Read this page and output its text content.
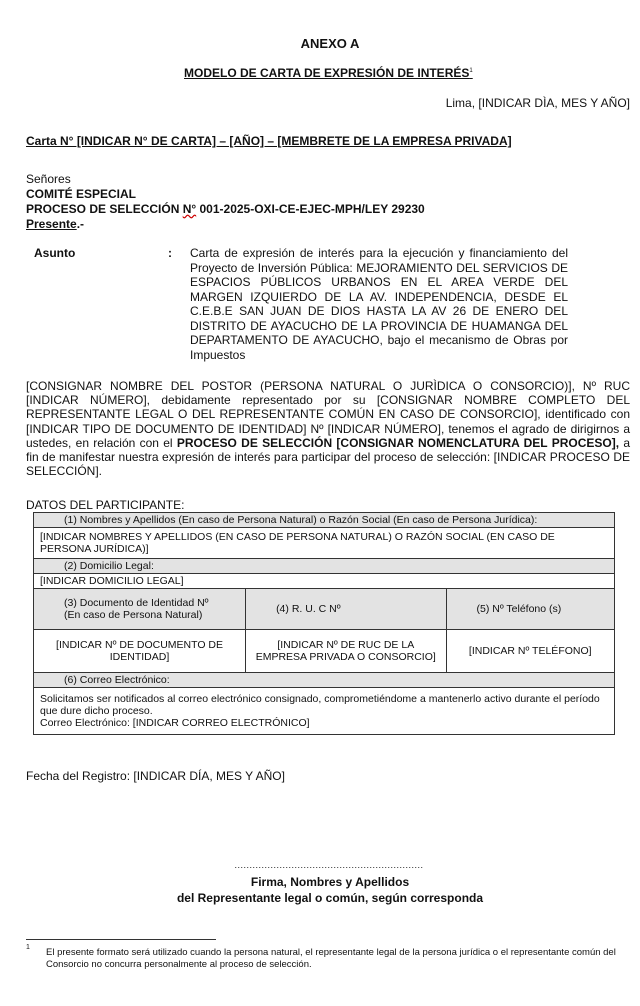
ANEXO A
MODELO DE CARTA DE EXPRESIÓN DE INTERÉS$^1$
Lima, [INDICAR DÌA, MES Y AÑO]
Carta N° [INDICAR N° DE CARTA] – [AÑO] – [MEMBRETE DE LA EMPRESA PRIVADA]
Señores
COMITÉ ESPECIAL
PROCESO DE SELECCIÓN N° 001-2025-OXI-CE-EJEC-MPH/LEY 29230
Presente.-
Asunto	: Carta de expresión de interés para la ejecución y financiamiento del Proyecto de Inversión Pública: MEJORAMIENTO DEL SERVICIOS DE ESPACIOS PÚBLICOS URBANOS EN EL AREA VERDE DEL MARGEN IZQUIERDO DE LA AV. INDEPENDENCIA, DESDE EL C.E.B.E SAN JUAN DE DIOS HASTA LA AV 26 DE ENERO DEL DISTRITO DE AYACUCHO DE LA PROVINCIA DE HUAMANGA DEL DEPARTAMENTO DE AYACUCHO, bajo el mecanismo de Obras por Impuestos
[CONSIGNAR NOMBRE DEL POSTOR (PERSONA NATURAL O JURÌDICA O CONSORCIO)], Nº RUC [INDICAR NÚMERO], debidamente representado por su [CONSIGNAR NOMBRE COMPLETO DEL REPRESENTANTE LEGAL O DEL REPRESENTANTE COMÚN EN CASO DE CONSORCIO], identificado con [INDICAR TIPO DE DOCUMENTO DE IDENTIDAD] Nº [INDICAR NÚMERO], tenemos el agrado de dirigirnos a ustedes, en relación con el PROCESO DE SELECCIÓN [CONSIGNAR NOMENCLATURA DEL PROCESO], a fin de manifestar nuestra expresión de interés para participar del proceso de selección: [INDICAR PROCESO DE SELECCIÓN].
DATOS DEL PARTICIPANTE:
(1) Nombres y Apellidos (En caso de Persona Natural) o Razón Social (En caso de Persona Jurídica):		
[INDICAR NOMBRES Y APELLIDOS (EN CASO DE PERSONA NATURAL) O RAZÓN SOCIAL (EN CASO DE PERSONA JURÍDICA)]		
(2) Domicilio Legal:		
[INDICAR DOMICILIO LEGAL]		
(3) Documento de Identidad Nº (En caso de Persona Natural)	(4) R. U. C Nº	(5) Nº Teléfono (s)
[INDICAR Nº DE DOCUMENTO DE IDENTIDAD]	[INDICAR Nº DE RUC DE LA EMPRESA PRIVADA O CONSORCIO]	[INDICAR Nº TELÉFONO]
(6) Correo Electrónico:		

Solicitamos ser notificados al correo electrónico consignado, comprometiéndome a mantenerlo activo durante el período que dure dicho proceso.
Correo Electrónico: [INDICAR CORREO ELECTRÓNICO]		
Fecha del Registro: [INDICAR DÍA, MES Y AÑO]
...............................................................
Firma, Nombres y Apellidos
del Representante legal o común, según corresponda
1 El presente formato será utilizado cuando la persona natural, el representante legal de la persona jurídica o el representante común del Consorcio no concurra personalmente al proceso de selección.
